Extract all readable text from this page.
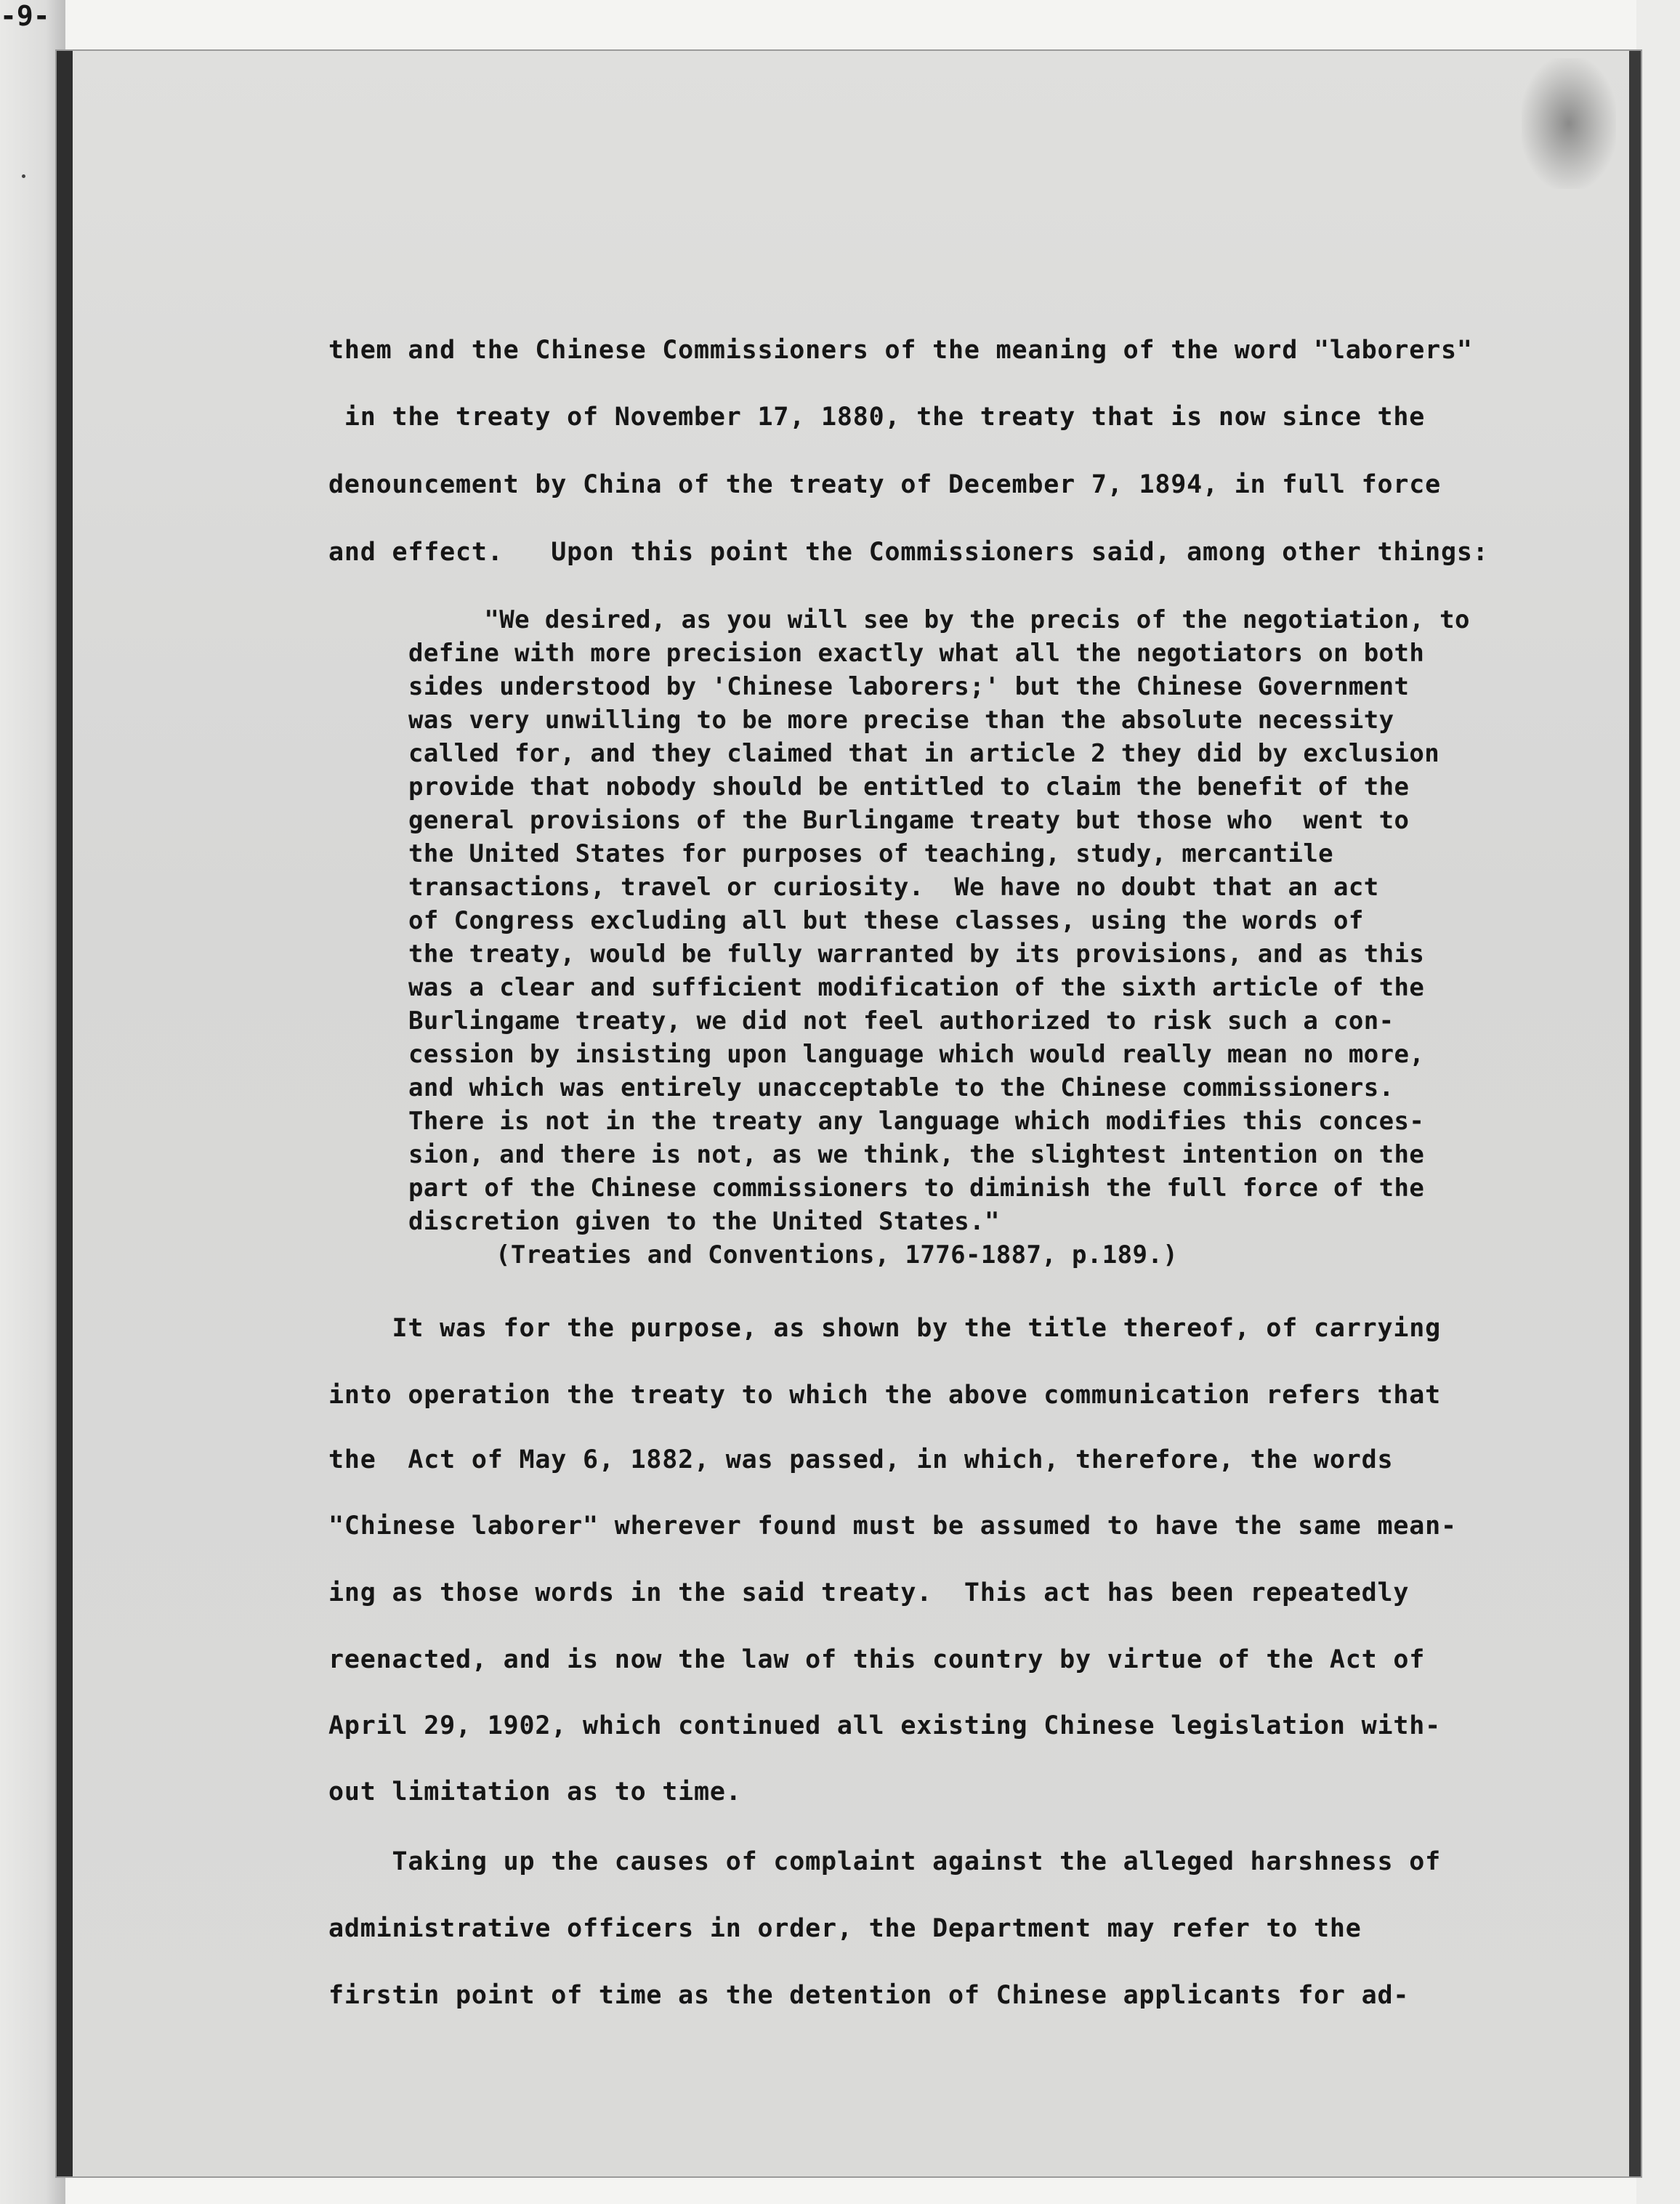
-9-
them and the Chinese Commissioners of the meaning of the word "laborers"
in the treaty of November 17, 1880, the treaty that is now since the
denouncement by China of the treaty of December 7, 1894, in full force
and effect.   Upon this point the Commissioners said, among other things:
"We desired, as you will see by the precis of the negotiation, to
define with more precision exactly what all the negotiators on both
sides understood by 'Chinese laborers;' but the Chinese Government
was very unwilling to be more precise than the absolute necessity
called for, and they claimed that in article 2 they did by exclusion
provide that nobody should be entitled to claim the benefit of the
general provisions of the Burlingame treaty but those who  went to
the United States for purposes of teaching, study, mercantile
transactions, travel or curiosity.  We have no doubt that an act
of Congress excluding all but these classes, using the words of
the treaty, would be fully warranted by its provisions, and as this
was a clear and sufficient modification of the sixth article of the
Burlingame treaty, we did not feel authorized to risk such a con-
cession by insisting upon language which would really mean no more,
and which was entirely unacceptable to the Chinese commissioners.
There is not in the treaty any language which modifies this conces-
sion, and there is not, as we think, the slightest intention on the
part of the Chinese commissioners to diminish the full force of the
discretion given to the United States."
(Treaties and Conventions, 1776-1887, p.189.)
It was for the purpose, as shown by the title thereof, of carrying
into operation the treaty to which the above communication refers that
the  Act of May 6, 1882, was passed, in which, therefore, the words
"Chinese laborer" wherever found must be assumed to have the same mean-
ing as those words in the said treaty.  This act has been repeatedly
reenacted, and is now the law of this country by virtue of the Act of
April 29, 1902, which continued all existing Chinese legislation with-
out limitation as to time.
Taking up the causes of complaint against the alleged harshness of
administrative officers in order, the Department may refer to the
firstin point of time as the detention of Chinese applicants for ad-
